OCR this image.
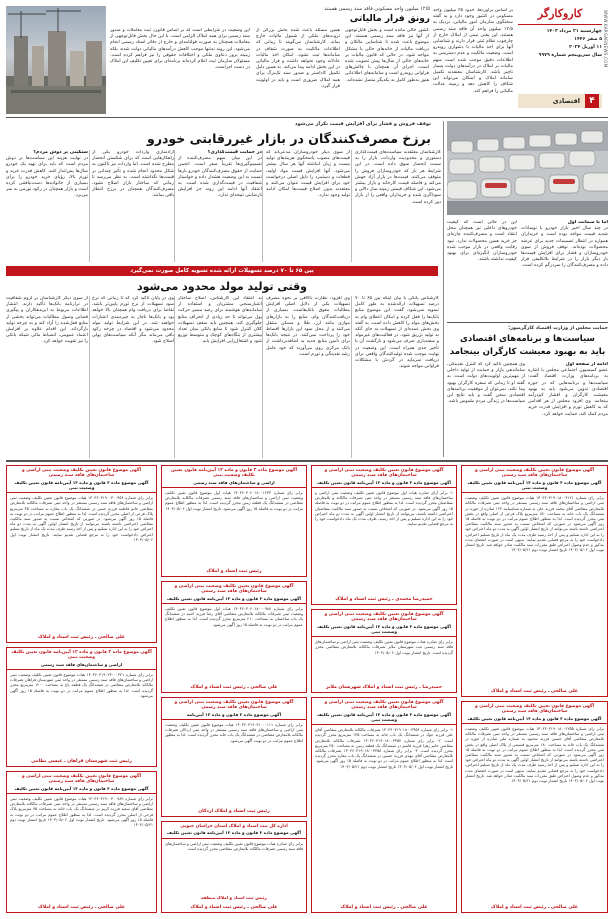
کاروکارگر
چهارشنبه ۲۱ مرداد ۱۴۰۳
۵ صفر ۱۴۴۶
۱۱ آوریل ۲۰۲۴
سال سی‌وپنجم شماره ۹۹۷۹
۴
اقتصادی
WWW.KARGARNEWS.COM
بر اساس برآوردها، حدود ۲۵ میلیون واحد مسکونی در کشور وجود دارد و به گفته سخنگوی سازمان امور مالیاتی، نزدیک به ۱۲/۵ میلیون واحد آن فاقد سند رسمی هستند. این یعنی نیمی از املاک خارج از چارچوب نظام ثبتی قرار دارند و شناسایی آنها برای اخذ مالیات با دشواری روبه‌رو است. وضعیت مالکیت و عدم دسترسی به اطلاعات دقیق موجب شده است سهم مالیات بر املاک در درآمدهای دولت بسیار ناچیز باشد. کارشناسان معتقدند تکمیل سامانه املاک و اسکان می‌تواند این شکاف را کاهش دهد و زمینه عدالت مالیاتی را فراهم کند.
۱۲/۵ میلیون واحد مسکونی فاقد سند رسمی هستند
رونق فرار مالیاتی
کشور خالی مانده است و بخش قابل‌توجهی از آنها نیز فاقد سند رسمی هستند. این موضوع باعث شده تا شناسایی مالکان و دریافت مالیات از خانه‌های خالی با مشکل مواجه شود. در حالی که قانون مالیات بر خانه‌های خالی از سال‌ها پیش تصویب شده است، اجرای آن همچنان با چالش‌های فراوانی روبه‌رو است و سامانه‌های اطلاعاتی هنوز به‌طور کامل به یکدیگر متصل نشده‌اند.
همین مسئله باعث شده بخش بزرگی از ثروت‌های ملکی از شمول مالیات خارج بماند. کارشناسان می‌گویند تا زمانی که اطلاعات مالکیت به صورت شفاف در سامانه‌ها ثبت نشود، امکان اخذ مالیات عادلانه وجود نخواهد داشت و فرار مالیاتی در این بخش ادامه پیدا می‌کند. به همین دلیل تکمیل کاداستر و صدور سند تک‌برگ برای همه املاک ضروری است و باید در اولویت قرار گیرد.
این وضعیت در شرایطی است که بر اساس قانون، ثبت معاملات و صدور سند رسمی برای همه املاک الزامی است. با این حال بخش قابل‌توجهی از معاملات همچنان به صورت قولنامه‌ای و خارج از دفاتر اسناد رسمی انجام می‌شود. این روند نه‌تنها موجب کاهش درآمدهای مالیاتی دولت شده، بلکه زمینه بروز دعاوی ملکی و اختلافات حقوقی را نیز فراهم کرده است. مسئولان سازمان ثبت اعلام کرده‌اند برنامه‌ای برای تعیین تکلیف این املاک در دست اجراست.
توقف فروش و فشار برای افزایش قیمت تکرار می‌شود
برزخ مصرف‌کنندگان در بازار غیررقابتی خودرو
اما با ضمانت اول
در چند سال اخیر بازار خودرو با نوسانات شدید قیمت مواجه بوده است و خریداران همواره در انتظار تصمیمات جدید برای عرضه محصولات بوده‌اند. توقف فروش از سوی خودروسازان و فشار برای افزایش قیمت‌ها بار دیگر بازار را در شرایط بلاتکلیفی قرار داده و مصرف‌کنندگان را سردرگم کرده است.
این در حالی است که کیفیت خودروهای داخلی نیز همچنان محل انتقاد است و مصرف‌کننده چاره‌ای جز خرید همین محصولات ندارد. نبود رقابت واقعی در بازار موجب شده خودروسازان انگیزه‌ای برای بهبود کیفیت نداشته باشند.
کارشناسان معتقدند سیاست‌های قیمت‌گذاری دستوری و محدودیت واردات، بازار را به سمت انحصار سوق داده است. در این شرایط هر بار که خودروسازان فروش را متوقف می‌کنند، قیمت‌ها در بازار آزاد جهش می‌کند و فاصله قیمت کارخانه و بازار بیشتر می‌شود. این شکاف قیمتی زمینه ساز دلالی و سوداگری شده و خریداران واقعی را از بازار دور کرده است.
از سوی دیگر خودروسازان مدعی‌اند که قیمت‌های مصوب پاسخگوی هزینه‌های تولید نیست و زیان انباشته آنها هر سال بیشتر می‌شود. آنها افزایش قیمت مواد اولیه، قطعات و دستمزد را دلیل اصلی درخواست خود برای افزایش قیمت عنوان می‌کنند و معتقدند بدون اصلاح قیمت‌ها امکان ادامه تولید وجود ندارد.
در حمایت قیمت‌گذاری؟
در این میان سهم مصرف‌کننده از تصمیم‌گیری‌ها تقریباً صفر است. انجمن حمایت از حقوق مصرف‌کنندگان خودرو بارها نسبت به این وضعیت هشدار داده و خواستار شفافیت در قیمت‌گذاری شده است. به اعتقاد آنها ادامه این روند جز افزایش نارضایتی نتیجه‌ای ندارد.
آزادسازی واردات خودرو یکی از راهکارهایی است که برای شکستن انحصار مطرح شده است. اما واردات نیز تاکنون به شکل محدود انجام شده و تأثیر چندانی بر قیمت‌ها نگذاشته است. به نظر می‌رسد تا زمانی که ساختار بازار اصلاح نشود، مصرف‌کنندگان همچنان در برزخ انتظار باقی بمانند.
سنگینی بر دوش مردم؟
در نهایت هزینه این سیاست‌ها بر دوش مردم است که باید برای تهیه یک خودرو سال‌ها پس‌انداز کنند. کاهش قدرت خرید و تورم بالا، رؤیای خرید خودرو را برای بسیاری از خانواده‌ها دست‌نیافتنی کرده است و بازار همچنان در رکود تورمی به سر می‌برد.
حمایت مجلس از وزارت اقتصاد کارگرمیوز:
سیاست‌ها و برنامه‌های اقتصادی
باید به بهبود معیشت کارگران بینجامد
ادامه از صفحه اول
عضو کمیسیون اجتماعی مجلس با اشاره به برنامه‌های وزارت اقتصاد گفت: سیاست‌ها و برنامه‌هایی که در حوزه اقتصادی تدوین می‌شود باید به بهبود معیشت کارگران و اقشار کم‌درآمد بینجامد. وی افزود مجلس از هر اقدامی که به کاهش تورم و افزایش قدرت خرید مردم کمک کند، حمایت خواهد کرد.
وی همچنین تأکید کرد که کنترل نقدینگی، ساماندهی بازار و حمایت از تولید داخلی از مهم‌ترین اولویت‌های دولت است. به گفته او تا زمانی که سفره کارگران بهبود پیدا نکند، نمی‌توان از موفقیت برنامه‌های اقتصادی سخن گفت و باید نتایج این سیاست‌ها در زندگی مردم ملموس باشد.
بین ۶۵ تا ۷۰ درصد تسهیلات ارائه شده تسویه کامل صورت نمی‌گیرد
وقتی تولید مولد محدود می‌شود
کارشناس بانکی با بیان اینکه بین ۶۵ تا ۷۰ درصد تسهیلات ارائه‌شده به طور کامل تسویه نمی‌شود، گفت: این موضوع منابع بانک‌ها را قفل کرده و امکان اعطای وام به بخش‌های مولد را کاهش داده است. به گفته وی بخش عمده‌ای از تسهیلات به جای آنکه به تولید تزریق شود، در فعالیت‌های غیرمولد و سفته‌بازی صرف می‌شود و بازگشت آن با تأخیر جدی همراه است. این وضعیت در نهایت موجب شده تولیدکنندگان واقعی برای دریافت سرمایه در گردش با مشکلات فراوانی مواجه شوند.
وی افزود: نظارت ناکافی بر نحوه مصرف تسهیلات یکی از دلایل اصلی افزایش مطالبات معوق بانک‌هاست. بسیاری از دریافت‌کنندگان وام، منابع را به بازارهای موازی مانند ارز، طلا و مسکن منتقل می‌کنند و از محل سود این بازارها اقساط خود را پرداخت نمی‌کنند. در نتیجه بانک‌ها برای تأمین منابع جدید به اضافه‌برداشت از بانک مرکزی روی می‌آورند که خود عامل رشد نقدینگی و تورم است.
به اعتقاد این کارشناس، اصلاح ساختار اعتبارسنجی مشتریان و استفاده از سامانه‌های هوشمند برای رصد مسیر حرکت پول می‌تواند تا حد زیادی از انحراف منابع جلوگیری کند. همچنین باید سقف تسهیلات کلان کنترل شود تا منابع بانکی میان تعداد بیشتری از بنگاه‌های کوچک و متوسط توزیع شود و اشتغال‌زایی افزایش یابد.
وی در پایان تأکید کرد که تا زمانی که نرخ سود تسهیلات از نرخ تورم پایین‌تر باشد، تقاضا برای دریافت وام همچنان بالا خواهد بود و بانک‌ها ناچار به جیره‌بندی اعتبارات خواهند شد. در این شرایط تولید مولد محدود می‌شود و اقتصاد در چرخه رکود باقی می‌ماند مگر آنکه سیاست‌های پولی اصلاح شود.
از سوی دیگر کارشناسان بر لزوم شفافیت در ترازنامه بانک‌ها تأکید دارند. انتشار اطلاعات مربوط به ابربدهکاران و پیگیری قضایی وصول مطالبات می‌تواند بخشی از منابع قفل‌شده را آزاد کند و به چرخه تولید بازگرداند. این اقدام علاوه بر افزایش اعتماد عمومی، انضباط مالی شبکه بانکی را نیز تقویت خواهد کرد.
آگهی موضوع قانون تعیین تکلیف وضعیت ثبتی اراضی و ساختمان‌های فاقد سند رسمی
آگهی موضوع ماده ۳ قانون و ماده ۱۳ آیین‌نامه قانون تعیین تکلیف وضعیت ثبتی
برابر رای شماره ۱۴۰۳۶۰۳۱۹۰۱۸۰۰۳۱۲۱ هیات موضوع قانون تعیین تکلیف وضعیت ثبتی اراضی و ساختمان‌های فاقد سند رسمی مستقر در واحد ثبتی تصرفات مالکانه بلامعارض متقاضی آقای محمد فرزند علی به شماره شناسنامه ۱۲۳ صادره از حوزه در ششدانگ یک باب خانه به مساحت ۱۵۰ مترمربع پلاک فرعی از اصلی واقع در بخش ثبتی محرز گردیده است. لذا به منظور اطلاع عموم مراتب در دو نوبت به فاصله ۱۵ روز آگهی می‌شود در صورتی که اشخاص نسبت به صدور سند مالکیت متقاضی اعتراضی داشته باشند می‌توانند از تاریخ انتشار اولین آگهی به مدت دو ماه اعتراض خود را به این اداره تسلیم و پس از اخذ رسید ظرف مدت یک ماه از تاریخ تسلیم اعتراض، دادخواست خود را به مرجع قضایی تقدیم نمایند. بدیهی است در صورت انقضای مدت مذکور و عدم وصول اعتراض طبق مقررات سند مالکیت صادر خواهد شد. تاریخ انتشار نوبت اول ۱۴۰۳/۰۵/۰۶ تاریخ انتشار نوبت دوم ۱۴۰۳/۰۵/۲۱
علی صالحی ـ رئیس ثبت اسناد و املاک
آگهی موضوع قانون تعیین تکلیف وضعیت ثبتی اراضی و ساختمان‌های فاقد سند رسمی
آگهی موضوع ماده ۳ قانون و ماده ۱۳ آیین‌نامه قانون تعیین تکلیف
۱- برابر آرای صادره هیات اول موضوع قانون تعیین تکلیف وضعیت ثبتی اراضی و ساختمان‌های فاقد سند رسمی مستقر در واحد ثبتی تصرفات مالکانه و بلامعارض متقاضیان محرز گردیده است. لذا به منظور اطلاع عموم مراتب در دو نوبت به فاصله ۱۵ روز آگهی می‌شود. در صورتی که اشخاص نسبت به صدور سند مالکیت متقاضیان اعتراضی داشته باشند، می‌توانند از تاریخ انتشار اولین آگهی به مدت دو ماه اعتراض خود را به این اداره تسلیم و پس از اخذ رسید، ظرف مدت یک ماه دادخواست خود را به مرجع قضایی تقدیم نمایند.
حمیدرضا محمدی ـ رئیس ثبت اسناد و املاک
آگهی موضوع ماده ۳ قانون و ماده ۱۳ آیین‌نامه قانون تعیین تکلیف وضعیت ثبتی
اراضی و ساختمان‌های فاقد سند رسمی
برابر رای شماره ۱۴۰۳۶۰۳۰۶۰۱۸۰۰۱۲۳۴ هیات اول موضوع قانون تعیین تکلیف وضعیت ثبتی اراضی و ساختمان‌های فاقد سند رسمی تصرفات مالکانه بلامعارض متقاضی در ششدانگ یک قطعه زمین محرز گردیده است. لذا به منظور اطلاع عموم مراتب در دو نوبت به فاصله ۱۵ روز آگهی می‌شود. تاریخ انتشار نوبت اول ۱۴۰۳/۰۵/۰۶
رئیس ثبت اسناد و املاک
آگهی موضوع قانون تعیین تکلیف وضعیت ثبتی اراضی و ساختمان‌های فاقد سند رسمی
آگهی موضوع ماده ۳ قانون و ماده ۱۳ آیین‌نامه قانون تعیین تکلیف وضعیت ثبتی
برابر رای شماره ۱۴۰۳۶۰۳۱۹۰۰۴۰۰۴۵۶ هیات موضوع قانون تعیین تکلیف وضعیت ثبتی اراضی و ساختمان‌های فاقد سند رسمی مستقر در واحد ثبتی تصرفات مالکانه بلامعارض متقاضی خانم فاطمه فرزند حسن در ششدانگ یک باب مغازه به مساحت ۴۵ مترمربع پلاک فرعی از اصلی محرز گردیده است. لذا به منظور اطلاع عموم مراتب در دو نوبت به فاصله ۱۵ روز آگهی می‌شود. در صورتی که اشخاص نسبت به صدور سند مالکیت متقاضی اعتراضی داشته باشند می‌توانند از تاریخ انتشار اولین آگهی به مدت دو ماه اعتراض خود را به این اداره تسلیم و پس از اخذ رسید ظرف مدت یک ماه از تاریخ تسلیم اعتراض دادخواست خود را به مرجع قضایی تقدیم نمایند. تاریخ انتشار نوبت اول ۱۴۰۳/۰۵/۰۶
علی صالحی ـ رئیس ثبت اسناد و املاک
آگهی موضوع قانون تعیین تکلیف وضعیت ثبتی اراضی و ساختمان‌های فاقد سند رسمی
آگهی موضوع ماده ۳ قانون و ماده ۱۳ آیین‌نامه قانون تعیین تکلیف
برابر رای شماره ۱۴۰۳۶۰۳۰۶۰۱۸۰۰۰۹۸۷ هیات اول موضوع قانون تعیین تکلیف وضعیت ثبتی تصرفات مالکانه بلامعارض متقاضی آقای رضا فرزند احمد در ششدانگ یک باب ساختمان به مساحت ۲۱۰ مترمربع محرز گردیده است. لذا به منظور اطلاع عموم مراتب در دو نوبت به فاصله ۱۵ روز آگهی می‌شود.
علی صالحی ـ رئیس ثبت اسناد و املاک
آگهی موضوع قانون تعیین تکلیف وضعیت ثبتی اراضی و ساختمان‌های فاقد سند رسمی
آگهی موضوع ماده ۳ قانون و ماده ۱۳ آیین‌نامه قانون تعیین تکلیف وضعیت ثبتی
برابر رای صادره هیات موضوع قانون تعیین تکلیف وضعیت ثبتی اراضی و ساختمان‌های فاقد سند رسمی ثبت شهرستان ملایر تصرفات مالکانه بلامعارض متقاضی محرز گردیده است. تاریخ انتشار نوبت اول ۱۴۰۳/۰۵/۰۶
حمیدرضا ـ رئیس ثبت اسناد و املاک شهرستان ملایر
آگهی موضوع ماده ۳ قانون و ماده ۱۳ آیین‌نامه قانون تعیین تکلیف وضعیت ثبتی
اراضی و ساختمان‌های فاقد سند رسمی
برابر رای شماره ۱۴۰۳۶۰۳۱۹۰۲۳۰۰۰۳۲۱ هیات موضوع قانون تعیین تکلیف وضعیت ثبتی اراضی و ساختمان‌های فاقد سند رسمی مستقر در واحد ثبتی شهرستان فراهان تصرفات مالکانه بلامعارض متقاضی در ششدانگ یک قطعه باغ به مساحت ۱۲۰۰ مترمربع محرز گردیده است. لذا به منظور اطلاع عموم مراتب در دو نوبت به فاصله ۱۵ روز آگهی می‌شود.
رئیس ثبت شهرستان فراهان ـ عیسی نظامی
آگهی موضوع قانون تعیین تکلیف وضعیت ثبتی اراضی و ساختمان‌های فاقد سند رسمی
آگهی موضوع ماده ۳ قانون و ماده ۱۳ آیین‌نامه قانون تعیین تکلیف
برابر رای شماره ۱۴۰۳۶۰۳۱۹۰۱۸۰۰۲۲۵۵ هیات موضوع قانون تعیین تکلیف وضعیت ثبتی اراضی و ساختمان‌های فاقد سند رسمی مستقر در واحد ثبتی تصرفات مالکانه بلامعارض متقاضی آقای حسین فرزند محمود به شماره ملی صادره از حوزه در ششدانگ یک باب خانه به مساحت ۱۸۰ مترمربع قسمتی از پلاک اصلی واقع در بخش ثبتی محرز گردیده است. لذا به منظور اطلاع عموم مراتب در دو نوبت به فاصله ۱۵ روز آگهی می‌شود در صورتی که اشخاص نسبت به صدور سند مالکیت متقاضی اعتراضی داشته باشند می‌توانند از تاریخ انتشار اولین آگهی به مدت دو ماه اعتراض خود را به این اداره تسلیم و پس از اخذ رسید ظرف مدت یک ماه از تاریخ تسلیم اعتراض، دادخواست خود را به مرجع قضایی تقدیم نمایند. بدیهی است در صورت انقضای مدت مذکور و عدم وصول اعتراض طبق مقررات سند مالکیت صادر خواهد شد. تاریخ انتشار نوبت اول ۱۴۰۳/۰۵/۰۶ تاریخ انتشار نوبت دوم ۱۴۰۳/۰۵/۲۱
علی صالحی ـ رئیس ثبت اسناد و املاک
آگهی موضوع قانون تعیین تکلیف وضعیت ثبتی اراضی و ساختمان‌های فاقد سند رسمی
آگهی موضوع ماده ۳ قانون و ماده ۱۳ آیین‌نامه قانون تعیین تکلیف وضعیت ثبتی
۱- برابر رای شماره ۱۴۰۳۶۰۳۱۹۰۱۸۰۰۳۴۵۶ تصرفات مالکانه بلامعارض متقاضی آقای علی فرزند جواد در ششدانگ یک باب خانه به مساحت ۱۳۵ مترمربع محرز گردیده است. ۲- برابر رای شماره ۱۴۰۳۶۰۳۱۹۰۱۸۰۰۳۴۵۷ تصرفات مالکانه بلامعارض متقاضی خانم زهرا فرزند قاسم در ششدانگ یک قطعه زمین به مساحت ۲۵۰ مترمربع محرز گردیده است. ۳- برابر رای شماره ۱۴۰۳۶۰۳۱۹۰۱۸۰۰۳۴۵۸ تصرفات مالکانه بلامعارض متقاضی آقای مهدی فرزند حسین در ششدانگ یک باب مغازه محرز گردیده است. لذا به منظور اطلاع عموم مراتب در دو نوبت به فاصله ۱۵ روز آگهی می‌شود. تاریخ انتشار نوبت اول ۱۴۰۳/۰۵/۰۶ تاریخ انتشار نوبت دوم ۱۴۰۳/۰۵/۲۱
علی صالحی ـ رئیس ثبت اسناد و املاک
آگهی موضوع قانون تعیین تکلیف وضعیت ثبتی اراضی و ساختمان‌های فاقد سند رسمی
آگهی موضوع ماده ۳ قانون و ماده ۱۳ آیین‌نامه
برابر رای شماره ۱۴۰۳۶۰۳۱۹۰۳۱۰۰۰۱۱۱ هیات موضوع قانون تعیین تکلیف وضعیت ثبتی اراضی و ساختمان‌های فاقد سند رسمی مستقر در واحد ثبتی اردکان تصرفات مالکانه بلامعارض متقاضی در ششدانگ یک باب خانه محرز گردیده است. لذا به منظور اطلاع عموم مراتب در دو نوبت آگهی می‌شود.
رئیس ثبت اسناد و املاک اردکان
اداره کل ثبت اسناد و املاک استان خراسان جنوبی
آگهی موضوع ماده ۳ قانون و ماده ۱۳ آیین‌نامه قانون تعیین تکلیف
برابر رای صادره هیات موضوع قانون تعیین تکلیف وضعیت ثبتی اراضی و ساختمان‌های فاقد سند رسمی تصرفات مالکانه بلامعارض متقاضی محرز گردیده است.
رئیس ثبت اسناد و املاک منطقه
علی صالحی ـ رئیس ثبت اسناد و املاک
آگهی موضوع قانون تعیین تکلیف وضعیت ثبتی اراضی و ساختمان‌های فاقد سند رسمی
آگهی موضوع ماده ۳ قانون و ماده ۱۳ آیین‌نامه قانون تعیین تکلیف
برابر رای شماره ۱۴۰۳۶۰۳۱۹۰۰۴۰۰۷۸۹ هیات موضوع قانون تعیین تکلیف وضعیت ثبتی اراضی و ساختمان‌های فاقد سند رسمی مستقر در واحد ثبتی تصرفات مالکانه بلامعارض متقاضی آقای سعید فرزند کریم در ششدانگ یک باب خانه به مساحت ۹۵ مترمربع پلاک فرعی از اصلی محرز گردیده است. لذا به منظور اطلاع عموم مراتب در دو نوبت به فاصله ۱۵ روز آگهی می‌شود. تاریخ انتشار نوبت اول ۱۴۰۳/۰۵/۰۶ تاریخ انتشار نوبت دوم ۱۴۰۳/۰۵/۲۱
علی صالحی ـ رئیس ثبت اسناد و املاک
